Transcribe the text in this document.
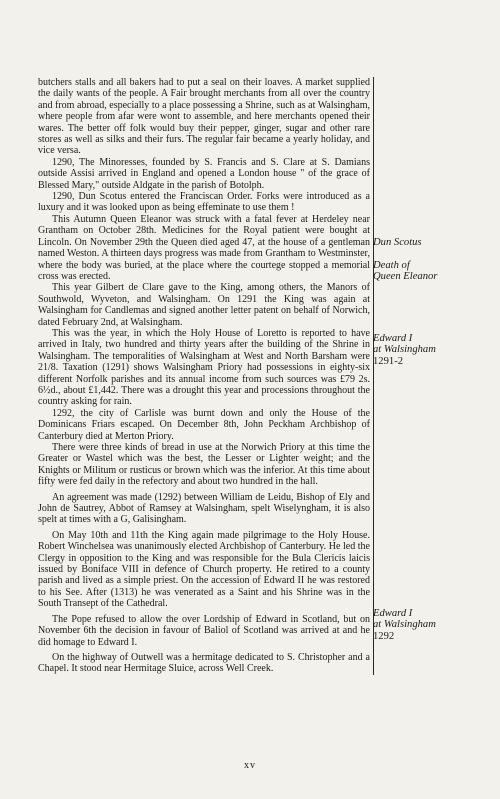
butchers stalls and all bakers had to put a seal on their loaves. A market supplied the daily wants of the people. A Fair brought merchants from all over the country and from abroad, especially to a place possessing a Shrine, such as at Walsingham, where people from afar were wont to assemble, and here merchants opened their wares. The better off folk would buy their pepper, ginger, sugar and other rare stores as well as silks and their furs. The regular fair became a yearly holiday, and vice versa.

1290, The Minoresses, founded by S. Francis and S. Clare at S. Damians outside Assisi arrived in England and opened a London house " of the grace of Blessed Mary," outside Aldgate in the parish of Botolph.

1290, Dun Scotus entered the Franciscan Order. Forks were introduced as a luxury and it was looked upon as being effeminate to use them !

This Autumn Queen Eleanor was struck with a fatal fever at Herdeley near Grantham on October 28th. Medicines for the Royal patient were bought at Lincoln. On November 29th the Queen died aged 47, at the house of a gentleman named Weston. A thirteen days progress was made from Grantham to Westminster, where the body was buried, at the place where the courtege stopped a memorial cross was erected.

This year Gilbert de Clare gave to the King, among others, the Manors of Southwold, Wyveton, and Walsingham. On 1291 the King was again at Walsingham for Candlemas and signed another letter patent on behalf of Norwich, dated February 2nd, at Walsingham.

This was the year, in which the Holy House of Loretto is reported to have arrived in Italy, two hundred and thirty years after the building of the Shrine in Walsingham. The temporalities of Walsingham at West and North Barsham were 21/8. Taxation (1291) shows Walsingham Priory had possessions in eighty-six different Norfolk parishes and its annual income from such sources was £79 2s. 6½d., about £1,442. There was a drought this year and processions throughout the country asking for rain.

1292, the city of Carlisle was burnt down and only the House of the Dominicans Friars escaped. On December 8th, John Peckham Archbishop of Canterbury died at Merton Priory.

There were three kinds of bread in use at the Norwich Priory at this time the Greater or Wastel which was the best, the Lesser or Lighter weight; and the Knights or Militum or rusticus or brown which was the inferior. At this time about fifty were fed daily in the refectory and about two hundred in the hall.

An agreement was made (1292) between William de Leidu, Bishop of Ely and John de Sautrey, Abbot of Ramsey at Walsingham, spelt Wiselyngham, it is also spelt at times with a G, Galisingham.

On May 10th and 11th the King again made pilgrimage to the Holy House. Robert Winchelsea was unanimously elected Archbishop of Canterbury. He led the Clergy in opposition to the King and was responsible for the Bula Clericis laicis issued by Boniface VIII in defence of Church property. He retired to a county parish and lived as a simple priest. On the accession of Edward II he was restored to his See. After (1313) he was venerated as a Saint and his Shrine was in the South Transept of the Cathedral.

The Pope refused to allow the over Lordship of Edward in Scotland, but on November 6th the decision in favour of Baliol of Scotland was arrived at and he did homage to Edward I.

On the highway of Outwell was a hermitage dedicated to S. Christopher and a Chapel. It stood near Hermitage Sluice, across Well Creek.

Dun Scotus
Death of
Queen Eleanor
Edward I
at Walsingham
1291-2
Edward I
at Walsingham
1292
xv
